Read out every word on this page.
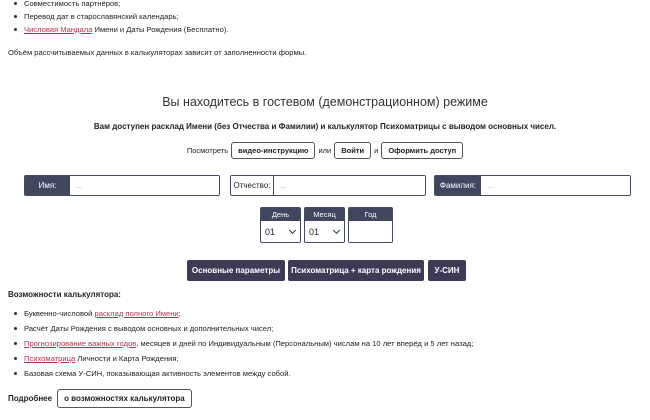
Совместимость партнёров;
Перевод дат в старославянский календарь;
Числовая Мандала Имени и Даты Рождения (Бесплатно).

Объём рассчитываемых данных в калькуляторах зависит от заполненности формы.

Вы находитесь в гостевом (демонстрационном) режиме
Вам доступен расклад Имени (без Отчества и Фамилии) и калькулятор Психоматрицы с выводом основных чисел.
Посмотреть	видео-инструкцию	или	Войти	и	Оформить доступ
Имя:	...	Отчество:	...	Фамилия:	...
День
01
Месяц
01
Год
Основные параметры	Психоматрица + карта рождения	У-СИН
Возможности калькулятора:
Буквенно-числовой расклад полного Имени;
Расчёт Даты Рождения с выводом основных и дополнительных чисел;
Прогнозирование важных годов, месяцев и дней по Индивидуальным (Персональным) числам на 10 лет вперёд и 5 лет назад;
Психоматрица Личности и Карта Рождения;
Базовая схема У-СИН, показывающая активность элементов между собой.
Подробнее	о возможностях калькулятора
